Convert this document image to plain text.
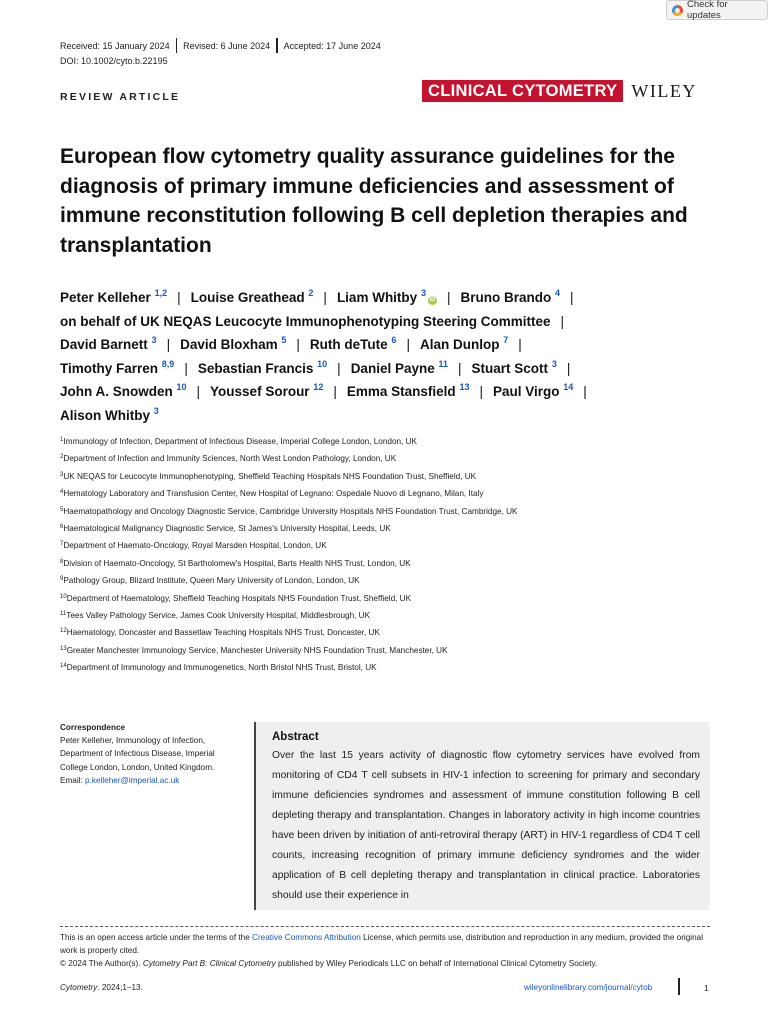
Check for updates
Received: 15 January 2024	Revised: 6 June 2024	Accepted: 17 June 2024
DOI: 10.1002/cyto.b.22195
REVIEW ARTICLE	CLINICAL CYTOMETRY WILEY
European flow cytometry quality assurance guidelines for the diagnosis of primary immune deficiencies and assessment of immune reconstitution following B cell depletion therapies and transplantation
Peter Kelleher $^{1,2}$ | Louise Greathead $^2$ | Liam Whitby $^3$iD | Bruno Brando $^4$ |
on behalf of UK NEQAS Leucocyte Immunophenotyping Steering Committee |
David Barnett $^3$ | David Bloxham $^5$ | Ruth deTute $^6$ | Alan Dunlop $^7$ |
Timothy Farren $^{8,9}$ | Sebastian Francis $^{10}$ | Daniel Payne $^{11}$ | Stuart Scott $^3$ |
John A. Snowden $^{10}$ | Youssef Sorour $^{12}$ | Emma Stansfield $^{13}$ | Paul Virgo $^{14}$ |
Alison Whitby $^3$
$^1$Immunology of Infection, Department of Infectious Disease, Imperial College London, London, UK
$^2$Department of Infection and Immunity Sciences, North West London Pathology, London, UK
$^3$UK NEQAS for Leucocyte Immunophenotyping, Sheffield Teaching Hospitals NHS Foundation Trust, Sheffield, UK
$^4$Hematology Laboratory and Transfusion Center, New Hospital of Legnano: Ospedale Nuovo di Legnano, Milan, Italy
$^5$Haematopathology and Oncology Diagnostic Service, Cambridge University Hospitals NHS Foundation Trust, Cambridge, UK
$^6$Haematological Malignancy Diagnostic Service, St James's University Hospital, Leeds, UK
$^7$Department of Haemato-Oncology, Royal Marsden Hospital, London, UK
$^8$Division of Haemato-Oncology, St Bartholomew's Hospital, Barts Health NHS Trust, London, UK
$^9$Pathology Group, Blizard Institute, Queen Mary University of London, London, UK
$^{10}$Department of Haematology, Sheffield Teaching Hospitals NHS Foundation Trust, Sheffield, UK
$^{11}$Tees Valley Pathology Service, James Cook University Hospital, Middlesbrough, UK
$^{12}$Haematology, Doncaster and Bassetlaw Teaching Hospitals NHS Trust, Doncaster, UK
$^{13}$Greater Manchester Immunology Service, Manchester University NHS Foundation Trust, Manchester, UK
$^{14}$Department of Immunology and Immunogenetics, North Bristol NHS Trust, Bristol, UK
Correspondence
Peter Kelleher, Immunology of Infection,
Department of Infectious Disease, Imperial
College London, London, United Kingdom.
Email: p.kelleher@imperial.ac.uk
Abstract
Over the last 15 years activity of diagnostic flow cytometry services have evolved from monitoring of CD4 T cell subsets in HIV-1 infection to screening for primary and secondary immune deficiencies syndromes and assessment of immune constitution following B cell depleting therapy and transplantation. Changes in laboratory activity in high income countries have been driven by initiation of anti-retroviral therapy (ART) in HIV-1 regardless of CD4 T cell counts, increasing recognition of primary immune deficiency syndromes and the wider application of B cell depleting therapy and transplantation in clinical practice. Laboratories should use their experience in
This is an open access article under the terms of the Creative Commons Attribution License, which permits use, distribution and reproduction in any medium, provided the original work is properly cited.
© 2024 The Author(s). Cytometry Part B: Clinical Cytometry published by Wiley Periodicals LLC on behalf of International Clinical Cytometry Society.
Cytometry. 2024;1–13.	wileyonlinelibrary.com/journal/cytob	1
